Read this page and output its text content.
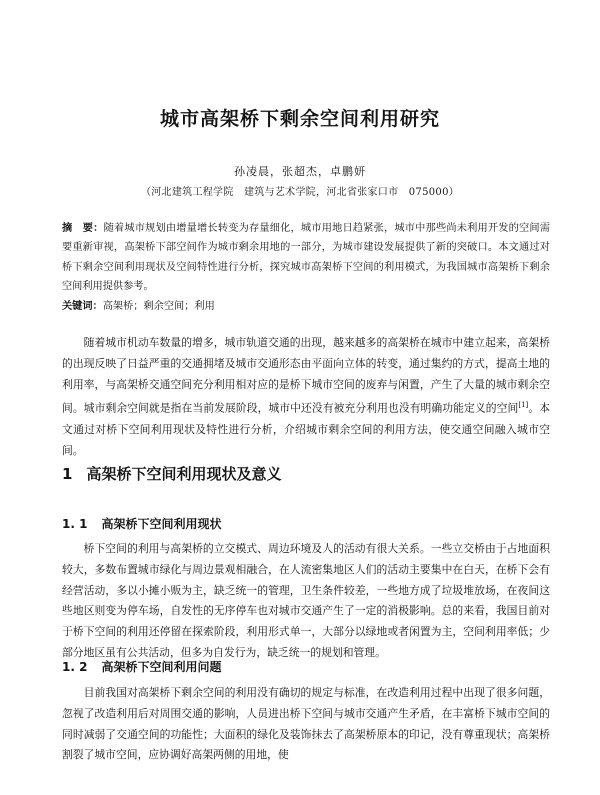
城市高架桥下剩余空间利用研究
孙凌晨，张超杰，卓鹏妍
（河北建筑工程学院　建筑与艺术学院，河北省张家口市　075000）

摘　要：随着城市规划由增量增长转变为存量细化，城市用地日趋紧张，城市中那些尚未利用开发的空间需要重新审视，高架桥下部空间作为城市剩余用地的一部分，为城市建设发展提供了新的突破口。本文通过对桥下剩余空间利用现状及空间特性进行分析，探究城市高架桥下空间的利用模式，为我国城市高架桥下剩余空间利用提供参考。

关键词：高架桥；剩余空间；利用

随着城市机动车数量的增多，城市轨道交通的出现，越来越多的高架桥在城市中建立起来，高架桥的出现反映了日益严重的交通拥堵及城市交通形态由平面向立体的转变，通过集约的方式，提高土地的利用率，与高架桥交通空间充分利用相对应的是桥下城市空间的废弃与闲置，产生了大量的城市剩余空间。城市剩余空间就是指在当前发展阶段，城市中还没有被充分利用也没有明确功能定义的空间[1]。本文通过对桥下空间利用现状及特性进行分析，介绍城市剩余空间的利用方法，使交通空间融入城市空间。

1 高架桥下空间利用现状及意义
1. 1 高架桥下空间利用现状

桥下空间的利用与高架桥的立交模式、周边环境及人的活动有很大关系。一些立交桥由于占地面积较大，多数布置城市绿化与周边景观相融合，在人流密集地区人们的活动主要集中在白天，在桥下会有经营活动，多以小摊小贩为主，缺乏统一的管理，卫生条件较差，一些地方成了垃圾堆放场，在夜间这些地区则变为停车场，自发性的无序停车也对城市交通产生了一定的消极影响。总的来看，我国目前对于桥下空间的利用还停留在探索阶段，利用形式单一，大部分以绿地或者闲置为主，空间利用率低；少部分地区虽有公共活动，但多为自发行为，缺乏统一的规划和管理。

1. 2 高架桥下空间利用问题

目前我国对高架桥下剩余空间的利用没有确切的规定与标准，在改造利用过程中出现了很多问题，忽视了改造利用后对周围交通的影响，人员进出桥下空间与城市交通产生矛盾，在丰富桥下城市空间的同时减弱了交通空间的功能性；大面积的绿化及装饰抹去了高架桥原本的印记，没有尊重现状；高架桥割裂了城市空间，应协调好高架两侧的用地，使
